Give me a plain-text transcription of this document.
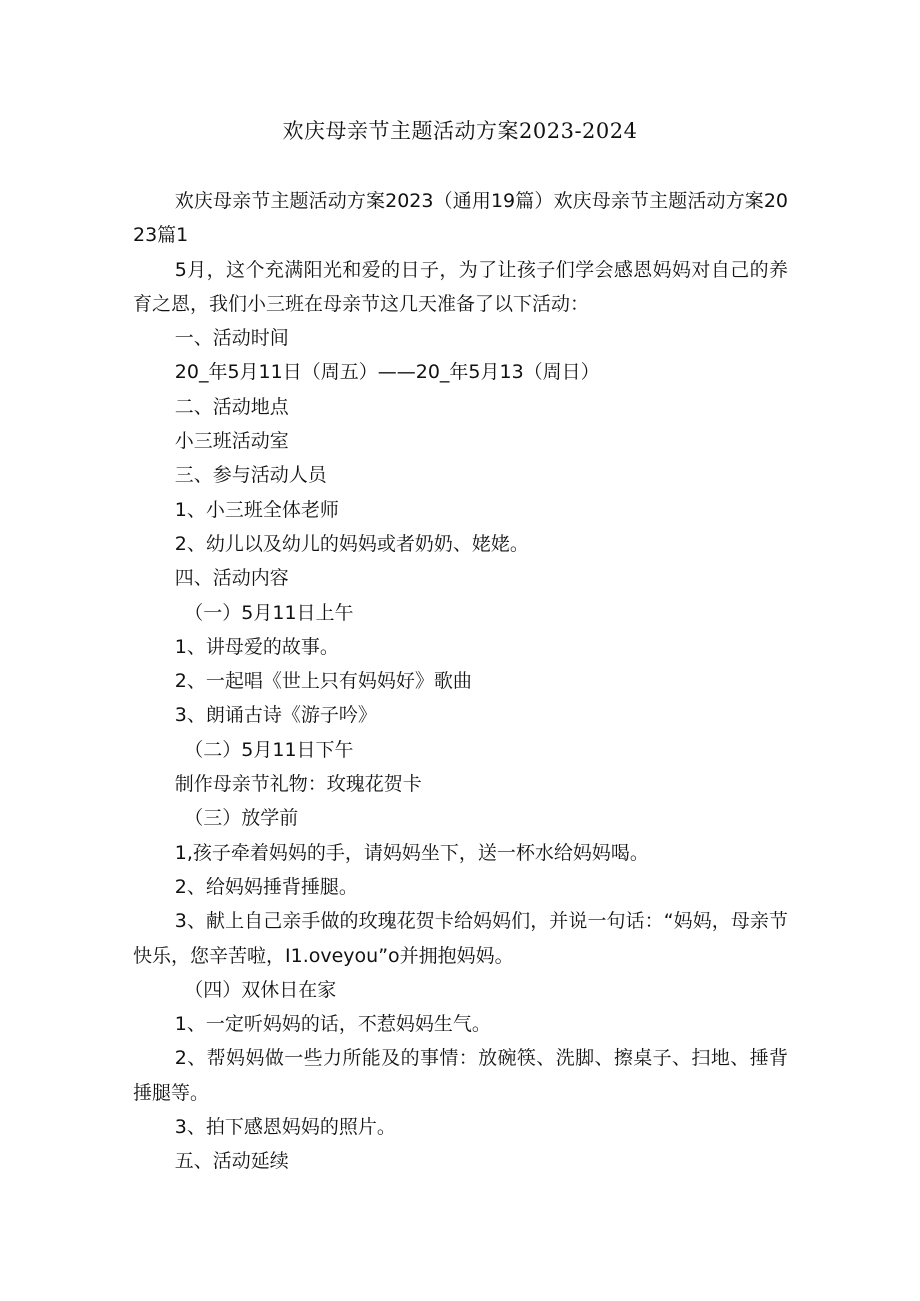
欢庆母亲节主题活动方案2023-2024

欢庆母亲节主题活动方案2023（通用19篇）欢庆母亲节主题活动方案2023篇1

5月，这个充满阳光和爱的日子，为了让孩子们学会感恩妈妈对自己的养育之恩，我们小三班在母亲节这几天准备了以下活动：

一、活动时间

20_年5月11日（周五）——20_年5月13（周日）

二、活动地点

小三班活动室

三、参与活动人员

1、小三班全体老师

2、幼儿以及幼儿的妈妈或者奶奶、姥姥。

四、活动内容

（一）5月11日上午

1、讲母爱的故事。

2、一起唱《世上只有妈妈好》歌曲

3、朗诵古诗《游子吟》

（二）5月11日下午

制作母亲节礼物：玫瑰花贺卡

（三）放学前

1,孩子牵着妈妈的手，请妈妈坐下，送一杯水给妈妈喝。

2、给妈妈捶背捶腿。

3、献上自己亲手做的玫瑰花贺卡给妈妈们，并说一句话：“妈妈，母亲节快乐，您辛苦啦，I1.oveyou”o并拥抱妈妈。

（四）双休日在家

1、一定听妈妈的话，不惹妈妈生气。

2、帮妈妈做一些力所能及的事情：放碗筷、洗脚、擦桌子、扫地、捶背捶腿等。

3、拍下感恩妈妈的照片。

五、活动延续
